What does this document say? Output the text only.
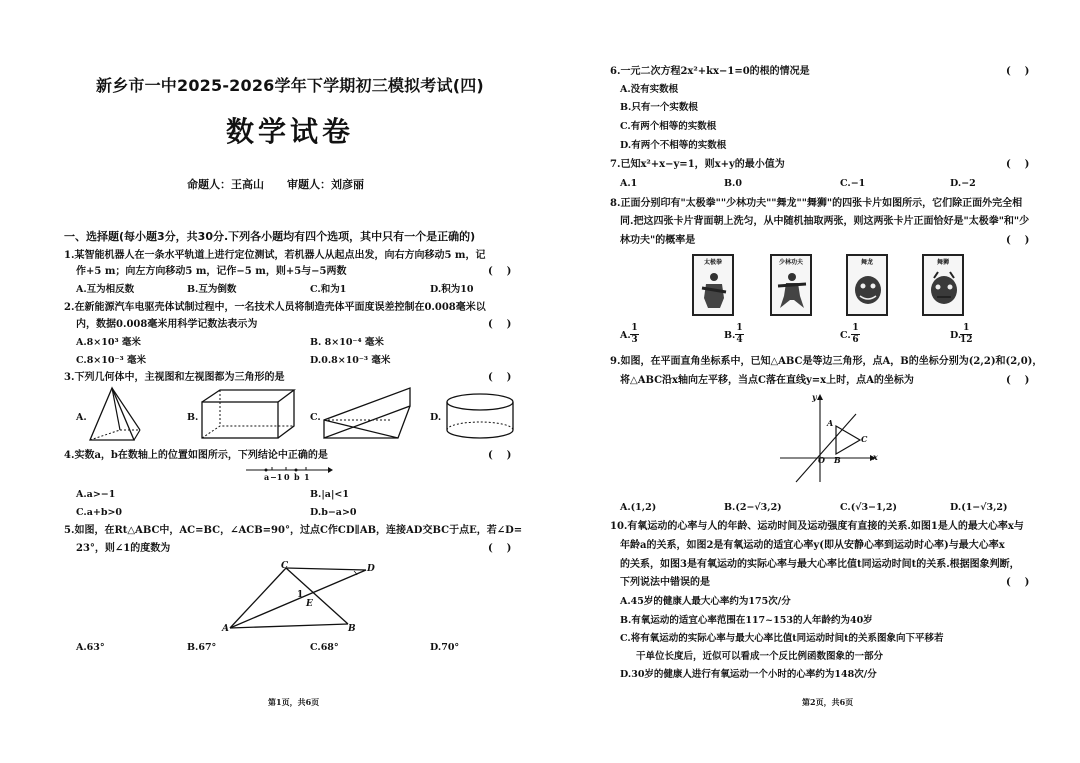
新乡市一中2025-2026学年下学期初三模拟考试(四)
数学试卷
命题人：王高山      审题人：刘彦丽
一、选择题(每小题3分，共30分.下列各小题均有四个选项，其中只有一个是正确的)
1.某智能机器人在一条水平轨道上进行定位测试，若机器人从起点出发，向右方向移动5 m，记
作+5 m；向左方向移动5 m，记作−5 m，则+5与−5两数	(    )
A.互为相反数	B.互为倒数	C.和为1	D.积为10
2.在新能源汽车电驱壳体试制过程中，一名技术人员将制造壳体平面度误差控制在0.008毫米以
内，数据0.008毫米用科学记数法表示为	(    )
A.8×10³ 毫米	B. 8×10⁻⁴ 毫米
C.8×10⁻³ 毫米	D.0.8×10⁻³ 毫米
3.下列几何体中，主视图和左视图都为三角形的是	(    )
A.	B.	C.	D.
4.实数a，b在数轴上的位置如图所示，下列结论中正确的是	(    )
a −1 0 b 1
A.a>−1	B.|a|<1
C.a+b>0	D.b−a>0
5.如图，在Rt△ABC中，AC=BC，∠ACB=90°，过点C作CD∥AB，连接AD交BC于点E，若∠D=
23°，则∠1的度数为	(    )
C	D
1
E
A	B
A.63°	B.67°	C.68°	D.70°
第1页，共6页
6.一元二次方程2x²+kx−1=0的根的情况是	(    )
A.没有实数根
B.只有一个实数根
C.有两个相等的实数根
D.有两个不相等的实数根
7.已知x²+x−y=1，则x+y的最小值为	(    )
A.1	B.0	C.−1	D.−2
8.正面分别印有"太极拳""少林功夫""舞龙""舞狮"的四张卡片如图所示，它们除正面外完全相
同.把这四张卡片背面朝上洗匀，从中随机抽取两张，则这两张卡片正面恰好是"太极拳"和"少
林功夫"的概率是	(    )
太极拳	少林功夫	舞龙	舞狮
A.
1
3	B.
1
4	C.
1
6	D.
1
12
9.如图，在平面直角坐标系中，已知△ABC是等边三角形，点A，B的坐标分别为(2,2)和(2,0)，
将△ABC沿x轴向左平移，当点C落在直线y=x上时，点A的坐标为	(    )
y
x
O
A
B
C
A.(1,2)	B.(2−√3,2)	C.(√3−1,2)	D.(1−√3,2)
10.有氧运动的心率与人的年龄、运动时间及运动强度有直接的关系.如图1是人的最大心率x与
年龄a的关系，如图2是有氧运动的适宜心率y(即从安静心率到运动时心率)与最大心率x
的关系，如图3是有氧运动的实际心率与最大心率比值t同运动时间t的关系.根据图象判断，
下列说法中错误的是	(    )
A.45岁的健康人最大心率约为175次/分
B.有氧运动的适宜心率范围在117~153的人年龄约为40岁
C.将有氧运动的实际心率与最大心率比值t同运动时间t的关系图象向下平移若
干单位长度后，近似可以看成一个反比例函数图象的一部分
D.30岁的健康人进行有氧运动一个小时的心率约为148次/分
第2页，共6页
